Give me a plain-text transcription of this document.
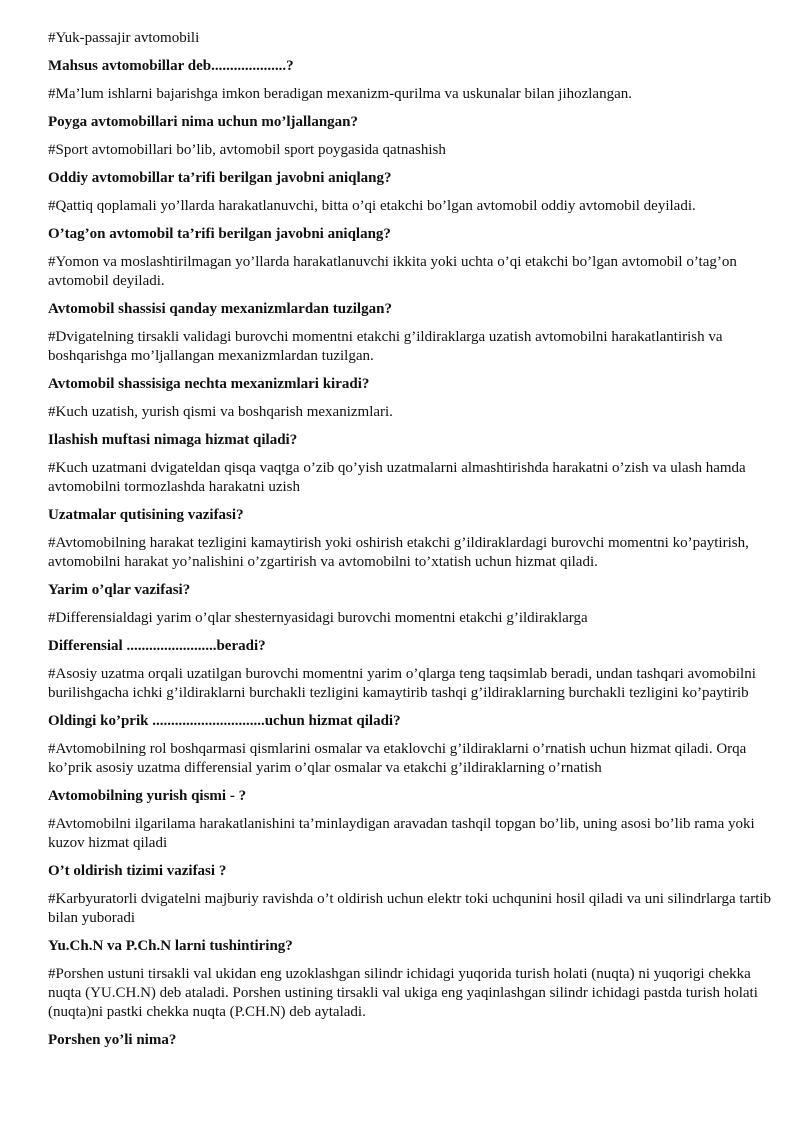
#Yuk-passajir avtomobili
Mahsus avtomobillar deb....................?
#Ma’lum ishlarni bajarishga imkon beradigan mexanizm-qurilma va uskunalar bilan jihozlangan.
Poyga avtomobillari nima uchun mo’ljallangan?
#Sport avtomobillari bo’lib, avtomobil sport poygasida qatnashish
Oddiy avtomobillar ta’rifi berilgan javobni aniqlang?
#Qattiq qoplamali yo’llarda harakatlanuvchi, bitta o’qi etakchi bo’lgan avtomobil oddiy avtomobil deyiladi.
O’tag’on avtomobil ta’rifi berilgan javobni aniqlang?
#Yomon va moslashtirilmagan yo’llarda harakatlanuvchi ikkita yoki uchta o’qi etakchi bo’lgan avtomobil o’tag’on avtomobil deyiladi.
Avtomobil shassisi qanday mexanizmlardan tuzilgan?
#Dvigatelning tirsakli validagi burovchi momentni etakchi g’ildiraklarga uzatish avtomobilni harakatlantirish va boshqarishga mo’ljallangan mexanizmlardan tuzilgan.
Avtomobil shassisiga nechta mexanizmlari kiradi?
#Kuch uzatish, yurish qismi va boshqarish mexanizmlari.
Ilashish muftasi nimaga hizmat qiladi?
#Kuch uzatmani dvigateldan qisqa vaqtga o’zib qo’yish uzatmalarni almashtirishda harakatni o’zish va ulash hamda avtomobilni tormozlashda harakatni uzish
Uzatmalar qutisining vazifasi?
#Avtomobilning harakat tezligini kamaytirish yoki oshirish etakchi g’ildiraklardagi burovchi momentni ko’paytirish, avtomobilni harakat yo’nalishini o’zgartirish va avtomobilni to’xtatish uchun hizmat qiladi.
Yarim o’qlar vazifasi?
#Differensialdagi yarim o’qlar shesternyasidagi burovchi momentni etakchi g’ildiraklarga
Differensial ........................beradi?
#Asosiy uzatma orqali uzatilgan burovchi momentni yarim o’qlarga teng taqsimlab beradi, undan tashqari avomobilni burilishgacha ichki g’ildiraklarni burchakli tezligini kamaytirib tashqi g’ildiraklarning burchakli tezligini ko’paytirib
Oldingi ko’prik ..............................uchun hizmat qiladi?
#Avtomobilning rol boshqarmasi qismlarini osmalar va etaklovchi g’ildiraklarni o’rnatish uchun hizmat qiladi. Orqa ko’prik asosiy uzatma differensial yarim o’qlar osmalar va etakchi g’ildiraklarning o’rnatish
Avtomobilning yurish qismi - ?
#Avtomobilni ilgarilama harakatlanishini ta’minlaydigan aravadan tashqil topgan bo’lib, uning asosi bo’lib rama yoki kuzov hizmat qiladi
O’t oldirish tizimi vazifasi ?
#Karbyuratorli dvigatelni majburiy ravishda o’t oldirish uchun elektr toki uchqunini hosil qiladi va uni silindrlarga tartib bilan yuboradi
Yu.Ch.N va P.Ch.N larni tushintiring?
#Porshen ustuni tirsakli val ukidan eng uzoklashgan silindr ichidagi yuqorida turish holati (nuqta) ni yuqorigi chekka nuqta (YU.CH.N) deb ataladi. Porshen ustining tirsakli val ukiga eng yaqinlashgan silindr ichidagi pastda turish holati (nuqta)ni pastki chekka nuqta (P.CH.N) deb aytaladi.
Porshen yo’li nima?
